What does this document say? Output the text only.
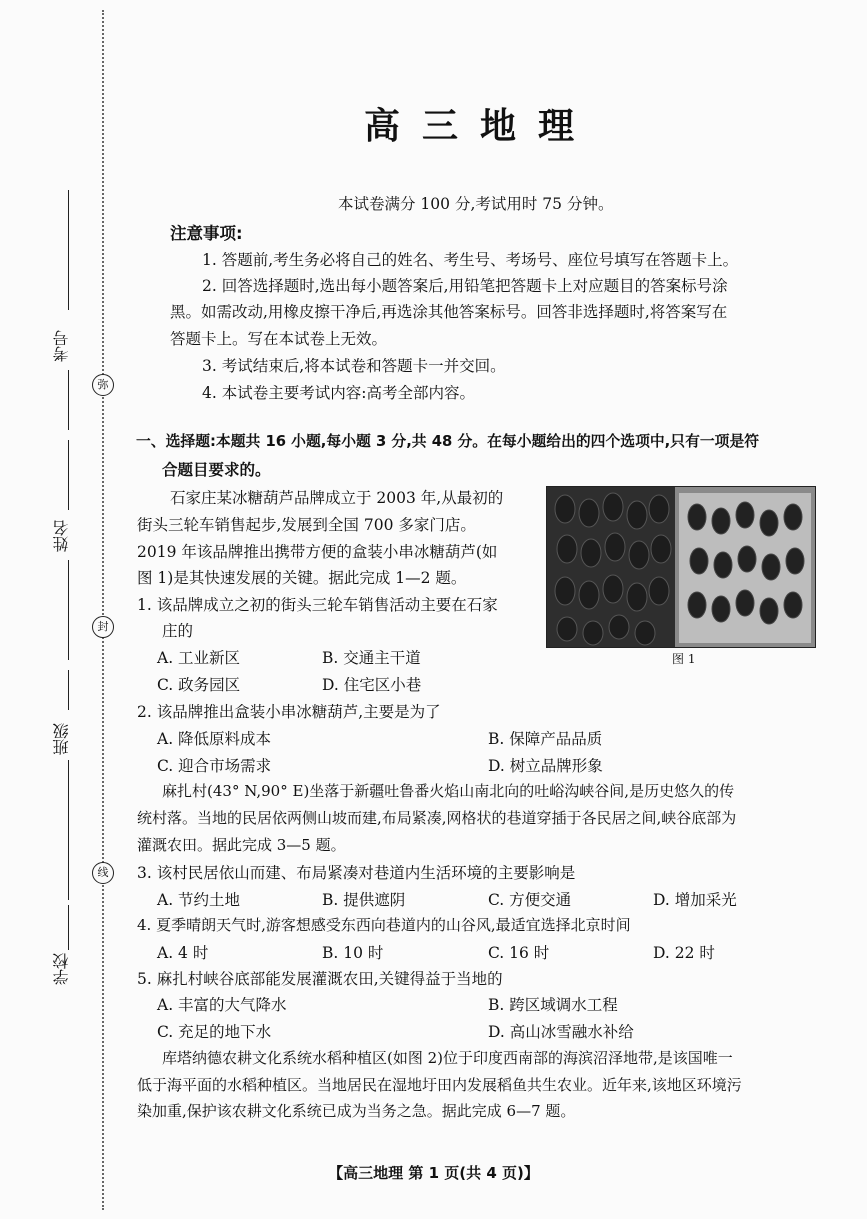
考号
姓名
班级
学校
弥
封
线
高三地理
本试卷满分 100 分,考试用时 75 分钟。
注意事项:
1. 答题前,考生务必将自己的姓名、考生号、考场号、座位号填写在答题卡上。
2. 回答选择题时,选出每小题答案后,用铅笔把答题卡上对应题目的答案标号涂
黑。如需改动,用橡皮擦干净后,再选涂其他答案标号。回答非选择题时,将答案写在
答题卡上。写在本试卷上无效。
3. 考试结束后,将本试卷和答题卡一并交回。
4. 本试卷主要考试内容:高考全部内容。
一、选择题:本题共 16 小题,每小题 3 分,共 48 分。在每小题给出的四个选项中,只有一项是符
合题目要求的。
石家庄某冰糖葫芦品牌成立于 2003 年,从最初的
街头三轮车销售起步,发展到全国 700 多家门店。
2019 年该品牌推出携带方便的盒装小串冰糖葫芦(如
图 1)是其快速发展的关键。据此完成 1—2 题。
图 1
1. 该品牌成立之初的街头三轮车销售活动主要在石家
庄的
A. 工业新区	B. 交通主干道
C. 政务园区	D. 住宅区小巷
2. 该品牌推出盒装小串冰糖葫芦,主要是为了
A. 降低原料成本	B. 保障产品品质
C. 迎合市场需求	D. 树立品牌形象
麻扎村(43° N,90° E)坐落于新疆吐鲁番火焰山南北向的吐峪沟峡谷间,是历史悠久的传
统村落。当地的民居依两侧山坡而建,布局紧凑,网格状的巷道穿插于各民居之间,峡谷底部为
灌溉农田。据此完成 3—5 题。
3. 该村民居依山而建、布局紧凑对巷道内生活环境的主要影响是
A. 节约土地	B. 提供遮阴	C. 方便交通	D. 增加采光
4. 夏季晴朗天气时,游客想感受东西向巷道内的山谷风,最适宜选择北京时间
A. 4 时	B. 10 时	C. 16 时	D. 22 时
5. 麻扎村峡谷底部能发展灌溉农田,关键得益于当地的
A. 丰富的大气降水	B. 跨区域调水工程
C. 充足的地下水	D. 高山冰雪融水补给
库塔纳德农耕文化系统水稻种植区(如图 2)位于印度西南部的海滨沼泽地带,是该国唯一
低于海平面的水稻种植区。当地居民在湿地圩田内发展稻鱼共生农业。近年来,该地区环境污
染加重,保护该农耕文化系统已成为当务之急。据此完成 6—7 题。
【高三地理 第 1 页(共 4 页)】
